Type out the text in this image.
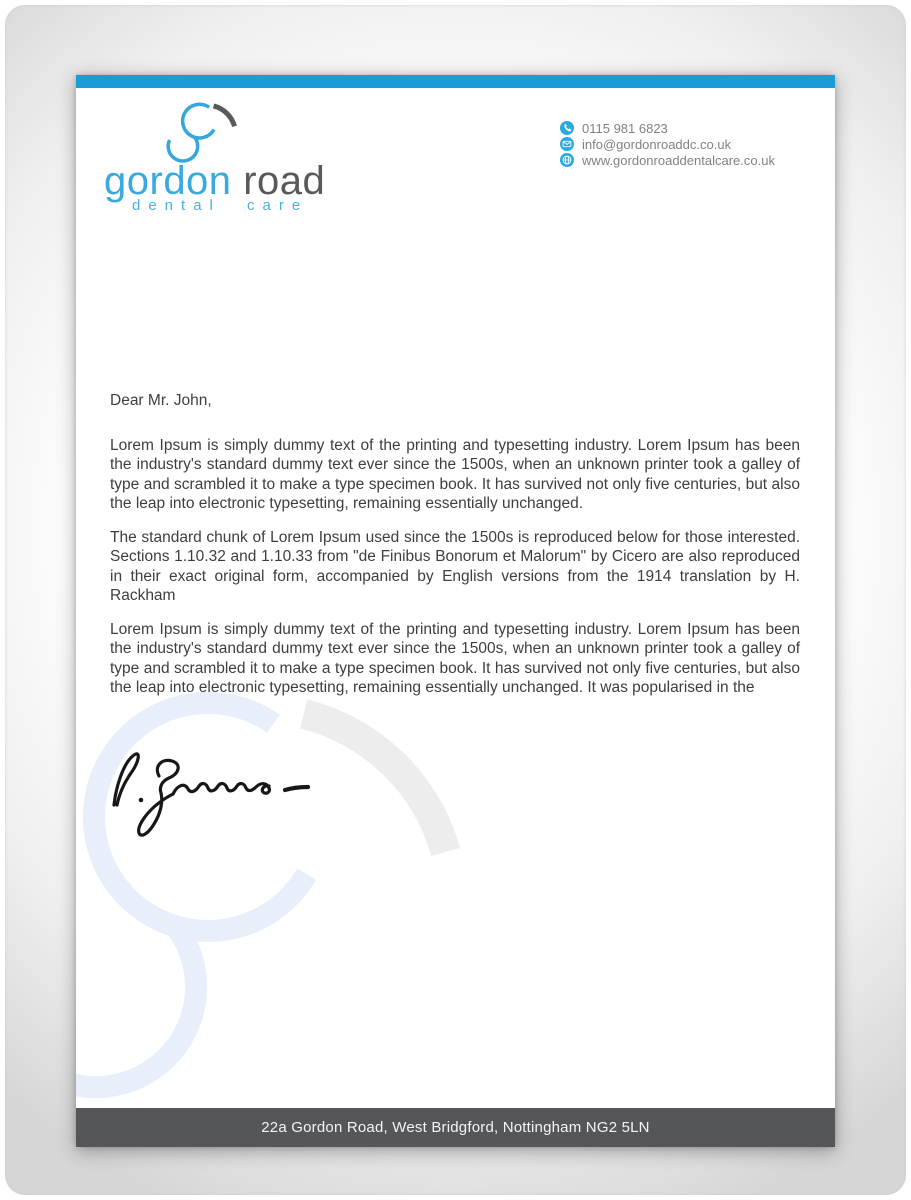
gordon road
dental care
0115 981 6823
info@gordonroaddc.co.uk
www.gordonroaddentalcare.co.uk

Dear Mr. John,

Lorem Ipsum is simply dummy text of the printing and typesetting industry. Lorem Ipsum has been the industry's standard dummy text ever since the 1500s, when an unknown printer took a galley of type and scrambled it to make a type specimen book. It has survived not only five centuries, but also the leap into electronic typesetting, remaining essentially unchanged.

The standard chunk of Lorem Ipsum used since the 1500s is reproduced below for those interested. Sections 1.10.32 and 1.10.33 from "de Finibus Bonorum et Malorum" by Cicero are also reproduced in their exact original form, accompanied by English versions from the 1914 translation by H. Rackham

Lorem Ipsum is simply dummy text of the printing and typesetting industry. Lorem Ipsum has been the industry's standard dummy text ever since the 1500s, when an unknown printer took a galley of type and scrambled it to make a type specimen book. It has survived not only five centuries, but also the leap into electronic typesetting, remaining essentially unchanged. It was popularised in the

22a Gordon Road, West Bridgford, Nottingham NG2 5LN
